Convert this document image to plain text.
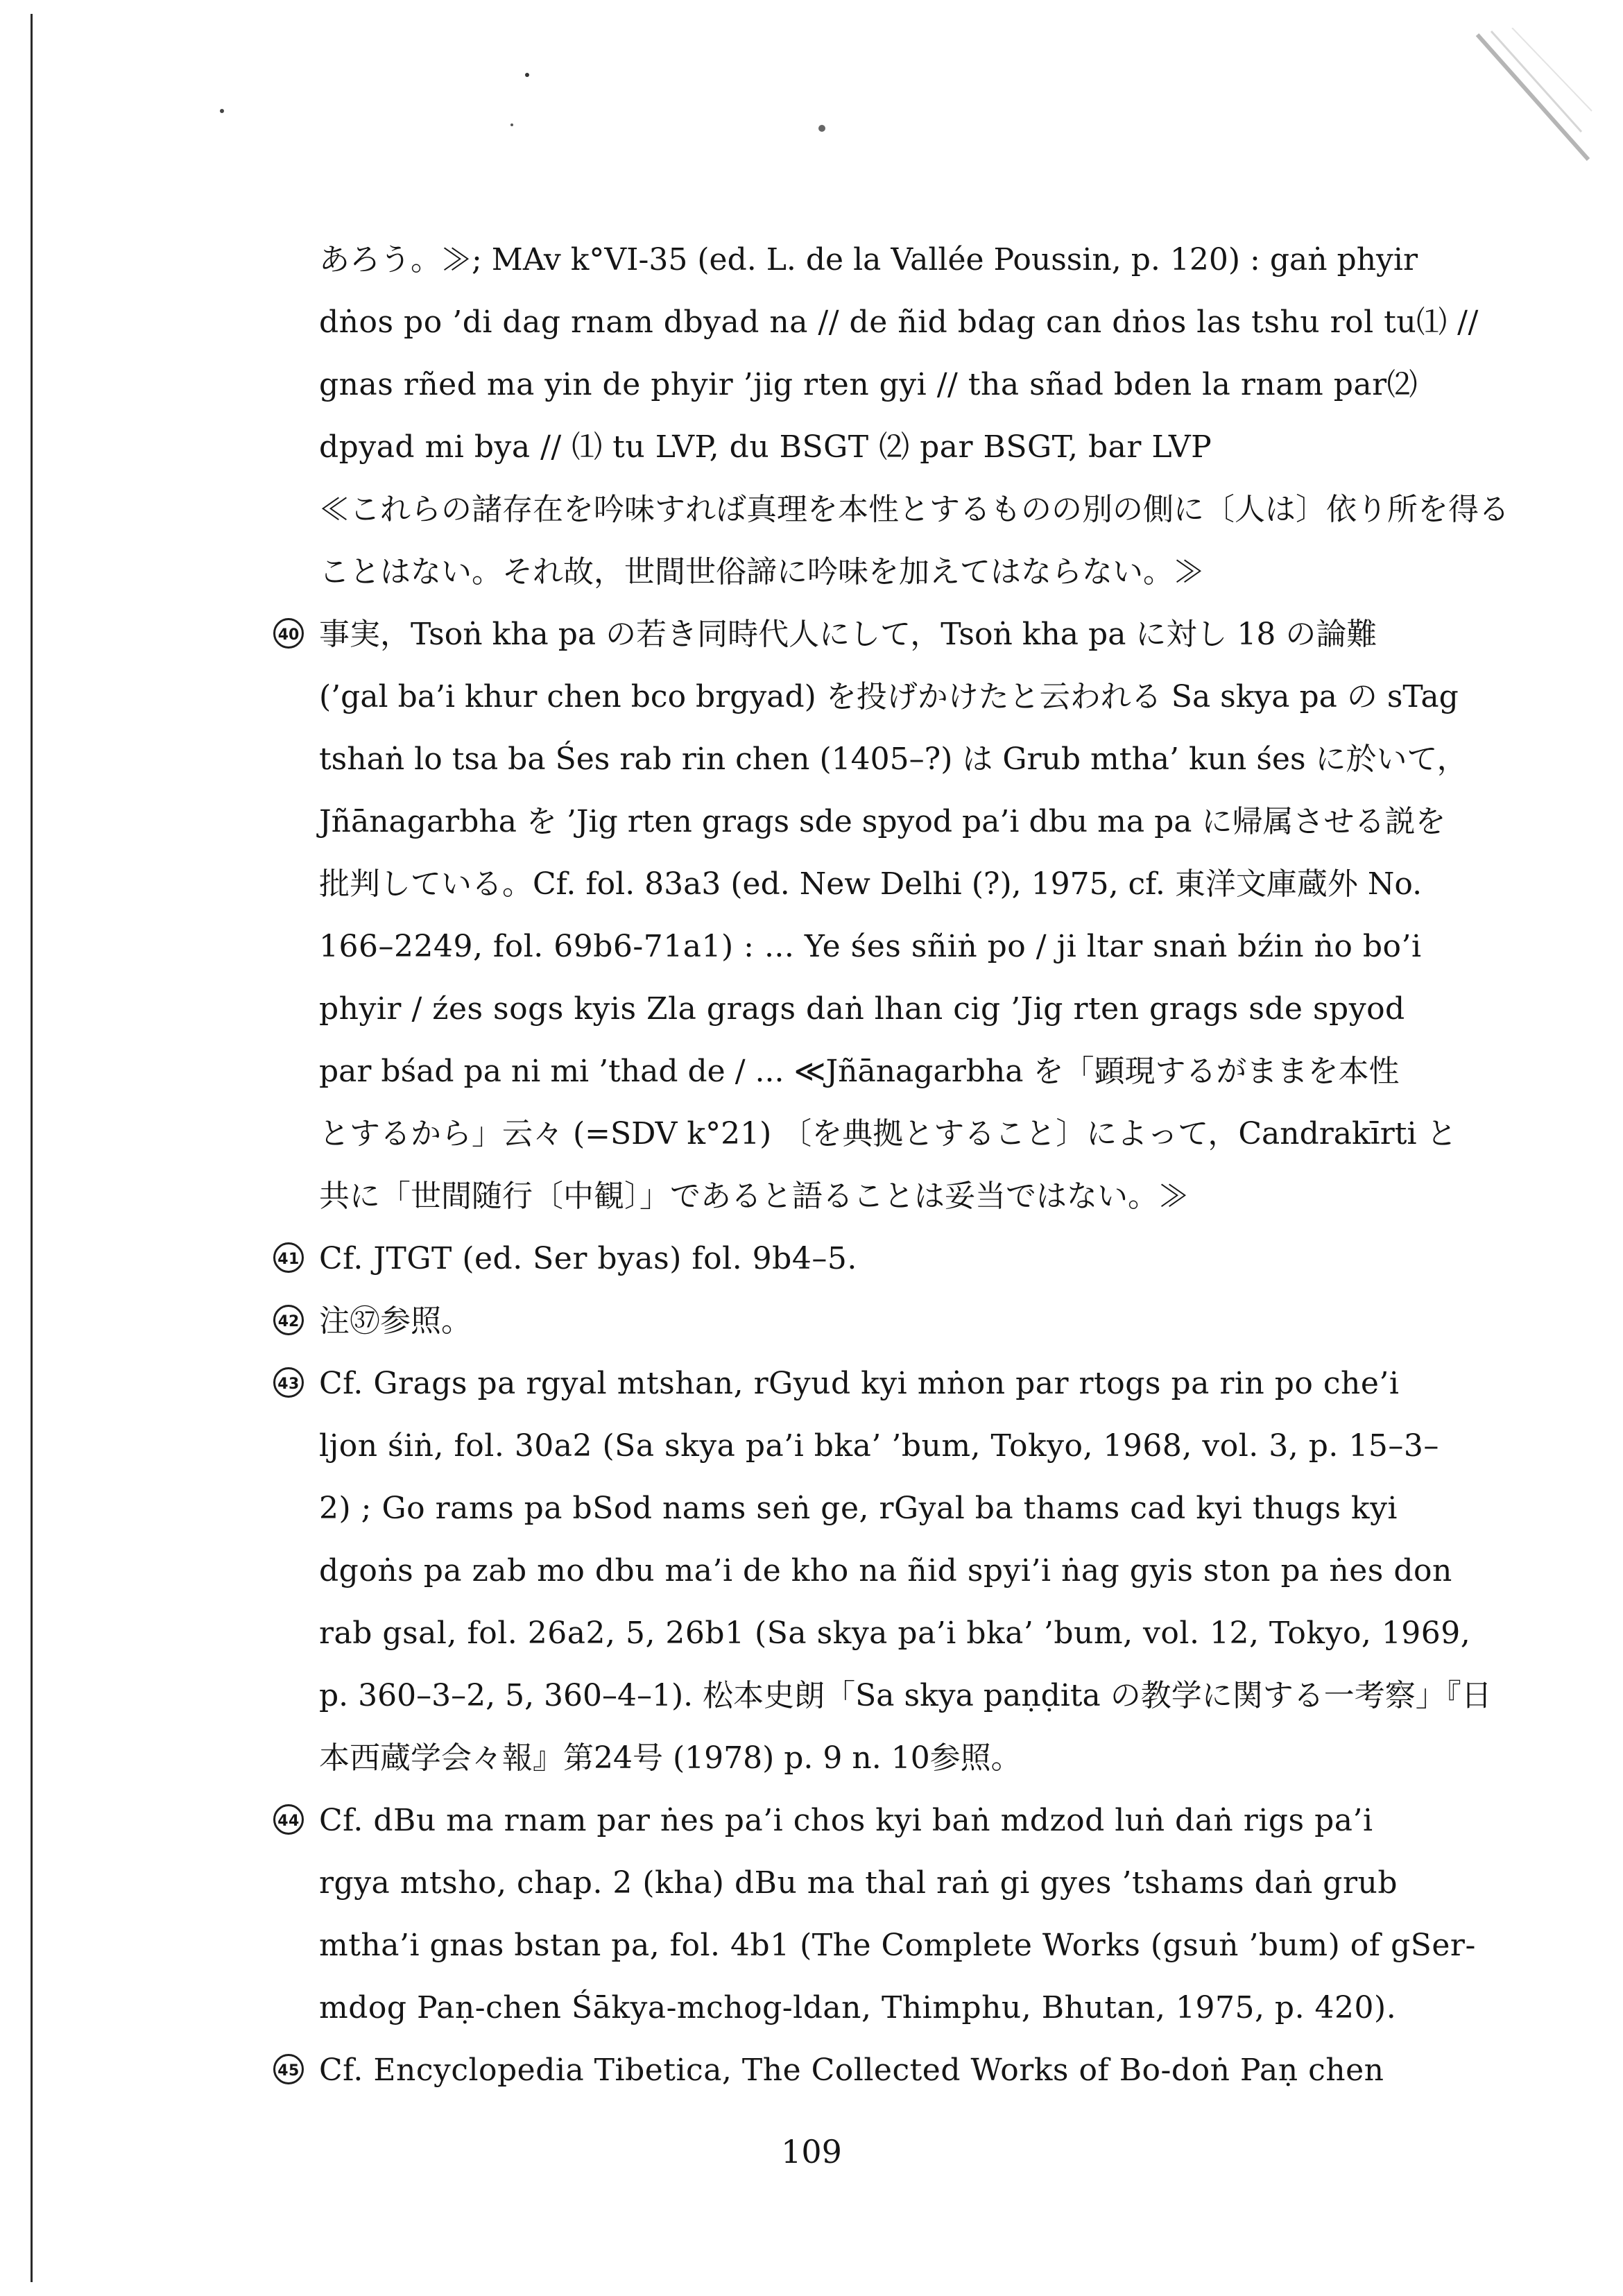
あろう。≫; MAv k°VI-35 (ed. L. de la Vallée Poussin, p. 120) : gaṅ phyir
dṅos po ’di dag rnam dbyad na // de ñid bdag can dṅos las tshu rol tu⑴ //
gnas rñed ma yin de phyir ’jig rten gyi // tha sñad bden la rnam par⑵
dpyad mi bya // ⑴ tu LVP, du BSGT ⑵ par BSGT, bar LVP
≪これらの諸存在を吟味すれば真理を本性とするものの別の側に〔人は〕依り所を得る
ことはない。それ故，世間世俗諦に吟味を加えてはならない。≫
40 事実，Tsoṅ kha pa の若き同時代人にして，Tsoṅ kha pa に対し 18 の論難
(’gal ba’i khur chen bco brgyad) を投げかけたと云われる Sa skya pa の sTag
tshaṅ lo tsa ba Śes rab rin chen (1405–?) は Grub mtha’ kun śes に於いて，
Jñānagarbha を ’Jig rten grags sde spyod pa’i dbu ma pa に帰属させる説を
批判している。Cf. fol. 83a3 (ed. New Delhi (?), 1975, cf. 東洋文庫蔵外 No.
166–2249, fol. 69b6-71a1) : ... Ye śes sñiṅ po / ji ltar snaṅ bźin ṅo bo’i
phyir / źes sogs kyis Zla grags daṅ lhan cig ’Jig rten grags sde spyod
par bśad pa ni mi ’thad de / ... ≪Jñānagarbha を「顕現するがままを本性
とするから」云々 (=SDV k°21) 〔を典拠とすること〕によって，Candrakīrti と
共に「世間随行〔中観〕」であると語ることは妥当ではない。≫
41 Cf. JTGT (ed. Ser byas) fol. 9b4–5.
42 注㊲参照。
43 Cf. Grags pa rgyal mtshan, rGyud kyi mṅon par rtogs pa rin po che’i
ljon śiṅ, fol. 30a2 (Sa skya pa’i bka’ ’bum, Tokyo, 1968, vol. 3, p. 15–3–
2) ; Go rams pa bSod nams seṅ ge, rGyal ba thams cad kyi thugs kyi
dgoṅs pa zab mo dbu ma’i de kho na ñid spyi’i ṅag gyis ston pa ṅes don
rab gsal, fol. 26a2, 5, 26b1 (Sa skya pa’i bka’ ’bum, vol. 12, Tokyo, 1969,
p. 360–3–2, 5, 360–4–1). 松本史朗「Sa skya paṇḍita の教学に関する一考察」『日
本西蔵学会々報』第24号 (1978) p. 9 n. 10参照。
44 Cf. dBu ma rnam par ṅes pa’i chos kyi baṅ mdzod luṅ daṅ rigs pa’i
rgya mtsho, chap. 2 (kha) dBu ma thal raṅ gi gyes ’tshams daṅ grub
mtha’i gnas bstan pa, fol. 4b1 (The Complete Works (gsuṅ ’bum) of gSer-
mdog Paṇ-chen Śākya-mchog-ldan, Thimphu, Bhutan, 1975, p. 420).
45 Cf. Encyclopedia Tibetica, The Collected Works of Bo-doṅ Paṇ chen
109
